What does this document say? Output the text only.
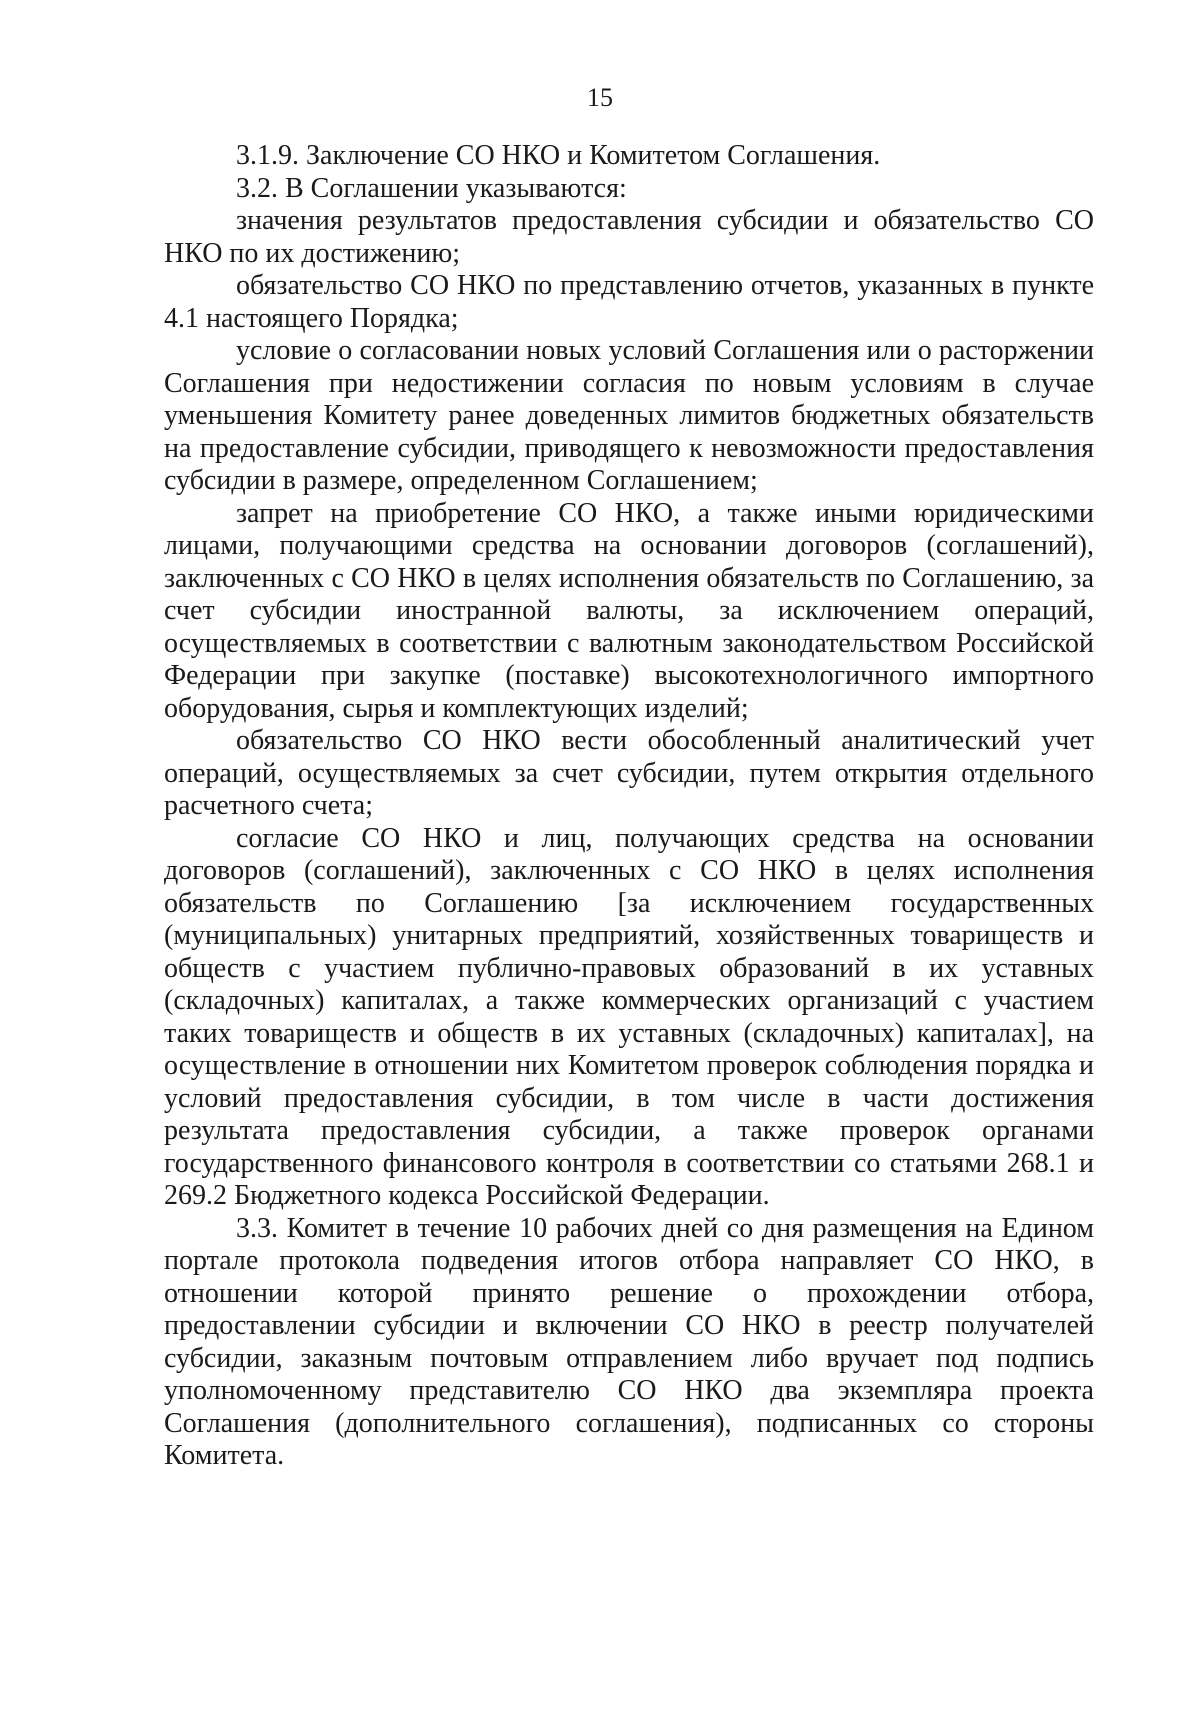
15

3.1.9. Заключение СО НКО и Комитетом Соглашения.

3.2. В Соглашении указываются:

значения результатов предоставления субсидии и обязательство СО НКО по их достижению;

обязательство СО НКО по представлению отчетов, указанных в пункте 4.1 настоящего Порядка;

условие о согласовании новых условий Соглашения или о расторжении Соглашения при недостижении согласия по новым условиям в случае уменьшения Комитету ранее доведенных лимитов бюджетных обязательств на предоставление субсидии, приводящего к невозможности предоставления субсидии в размере, определенном Соглашением;

запрет на приобретение СО НКО, а также иными юридическими лицами, получающими средства на основании договоров (соглашений), заключенных с СО НКО в целях исполнения обязательств по Соглашению, за счет субсидии иностранной валюты, за исключением операций, осуществляемых в соответствии с валютным законодательством Российской Федерации при закупке (поставке) высокотехнологичного импортного оборудования, сырья и комплектующих изделий;

обязательство СО НКО вести обособленный аналитический учет операций, осуществляемых за счет субсидии, путем открытия отдельного расчетного счета;

согласие СО НКО и лиц, получающих средства на основании договоров (соглашений), заключенных с СО НКО в целях исполнения обязательств по Соглашению [за исключением государственных (муниципальных) унитарных предприятий, хозяйственных товариществ и обществ с участием публично-правовых образований в их уставных (складочных) капиталах, а также коммерческих организаций с участием таких товариществ и обществ в их уставных (складочных) капиталах], на осуществление в отношении них Комитетом проверок соблюдения порядка и условий предоставления субсидии, в том числе в части достижения результата предоставления субсидии, а также проверок органами государственного финансового контроля в соответствии со статьями 268.1 и 269.2 Бюджетного кодекса Российской Федерации.

3.3. Комитет в течение 10 рабочих дней со дня размещения на Едином портале протокола подведения итогов отбора направляет СО НКО, в отношении которой принято решение о прохождении отбора, предоставлении субсидии и включении СО НКО в реестр получателей субсидии, заказным почтовым отправлением либо вручает под подпись уполномоченному представителю СО НКО два экземпляра проекта Соглашения (дополнительного соглашения), подписанных со стороны Комитета.
